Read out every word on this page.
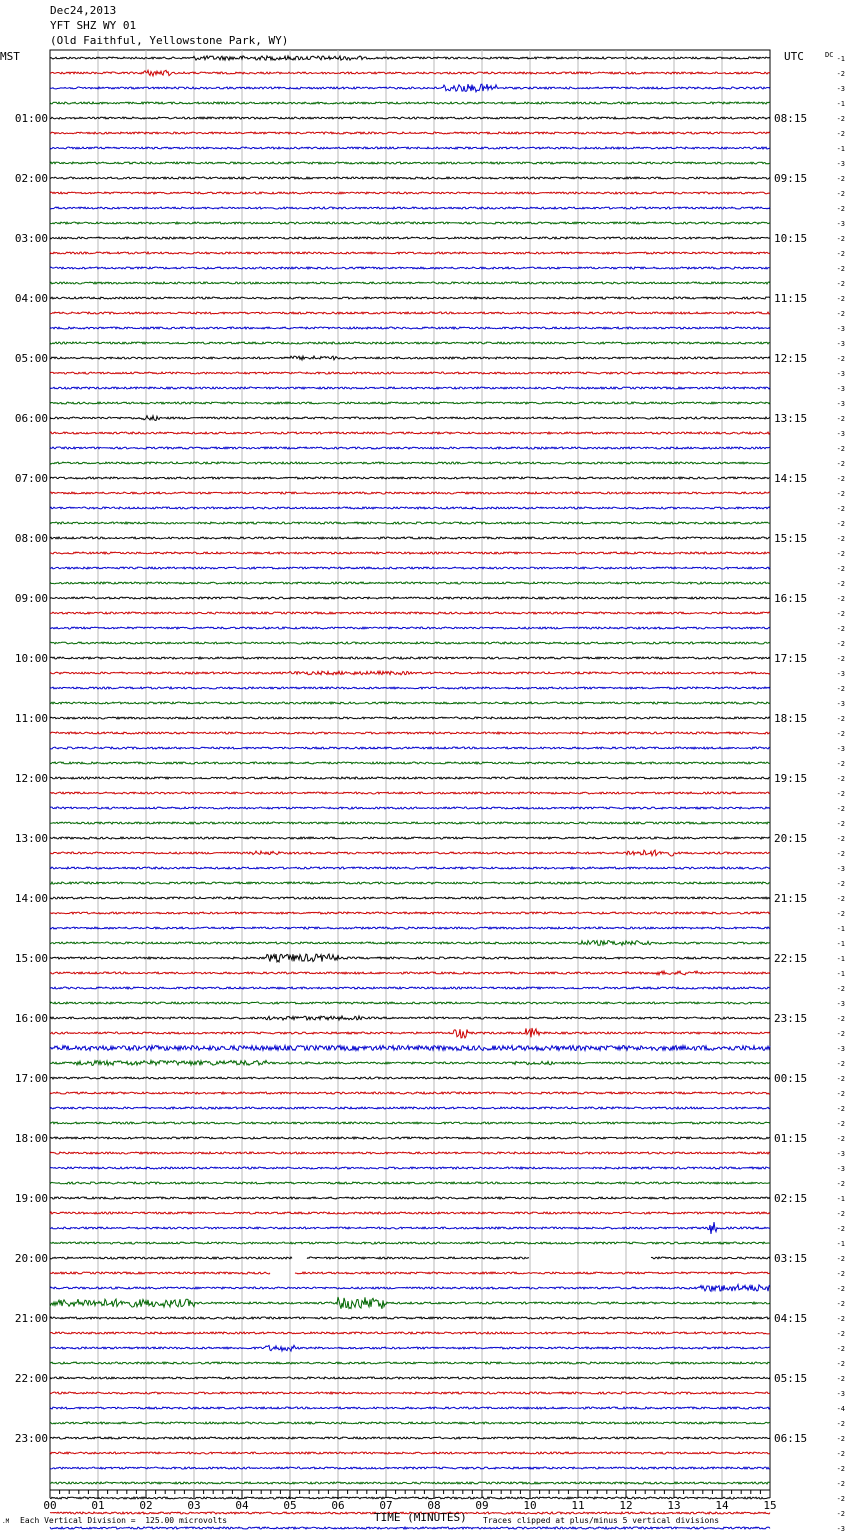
Dec24,2013
YFT SHZ WY 01
(Old Faithful, Yellowstone Park, WY)
00	01	02	03	04	05	06	07	08	09	10	11	12	13	14	15
MST	UTC	DC
01:00
02:00
03:00
04:00
05:00
06:00
07:00
08:00
09:00
10:00
11:00
12:00
13:00
14:00
15:00
16:00
17:00
18:00
19:00
20:00
21:00
22:00
23:00
08:15
09:15
10:15
11:15
12:15
13:15
14:15
15:15
16:15
17:15
18:15
19:15
20:15
21:15
22:15
23:15
00:15
01:15
02:15
03:15
04:15
05:15
06:15
-1
-2
-3
-1
-2
-2
-1
-3
-2
-2
-2
-3
-2
-2
-2
-2
-2
-2
-3
-3
-2
-3
-3
-3
-2
-3
-2
-2
-2
-2
-2
-2
-2
-2
-2
-2
-2
-2
-2
-2
-2
-3
-2
-3
-2
-2
-3
-2
-2
-2
-2
-2
-2
-2
-3
-2
-2
-2
-1
-1
-1
-1
-2
-3
-2
-2
-3
-2
-2
-2
-2
-2
-2
-3
-3
-2
-1
-2
-2
-1
-2
-2
-2
-2
-2
-2
-2
-2
-2
-3
-4
-2
-2
-2
-2
-2
-2
-2
-3
Each Vertical Division =  125.00 microvolts	Traces clipped at plus/minus 5 vertical divisions
TIME (MINUTES)
.M
